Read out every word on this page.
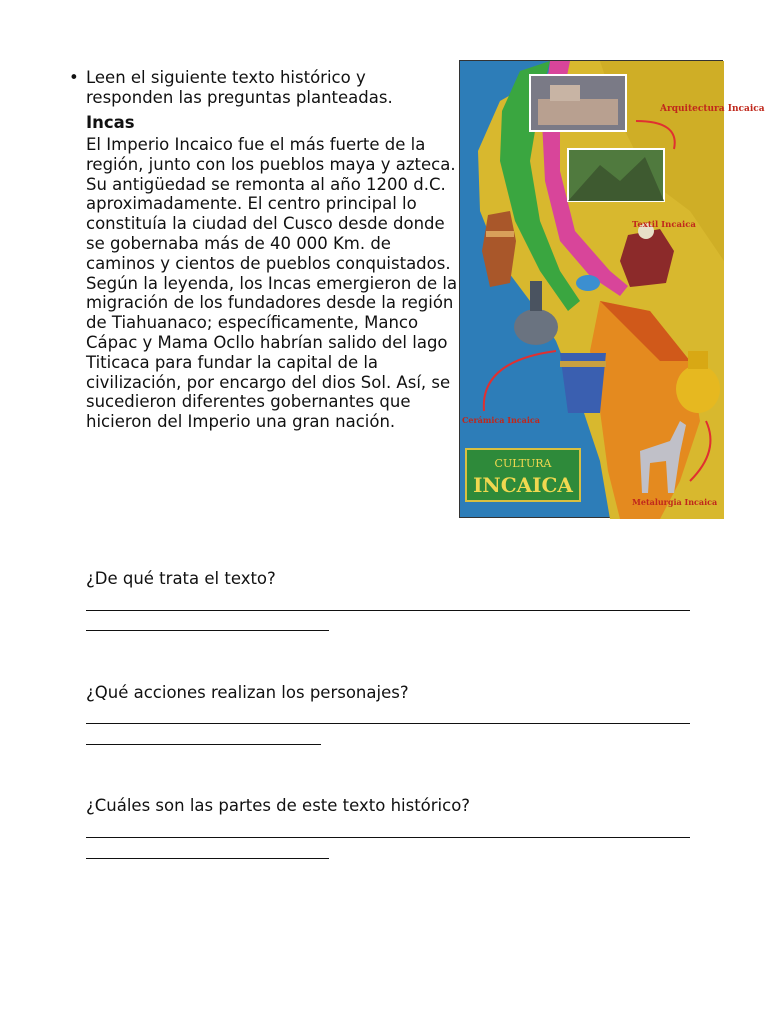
• Leen el siguiente texto histórico y responden las preguntas planteadas.
Incas

El Imperio Incaico fue el más fuerte de la región, junto con los pueblos maya y azteca. Su antigüedad se remonta al año 1200 d.C. aproximadamente. El centro principal lo constituía la ciudad del Cusco desde donde se gobernaba más de 40 000 Km. de caminos y cientos de pueblos conquistados. Según la leyenda, los Incas emergieron de la migración de los fundadores desde la región de Tiahuanaco; específicamente, Manco Cápac y Mama Ocllo habrían salido del lago Titicaca para fundar la capital de la civilización, por encargo del dios Sol. Así, se sucedieron diferentes gobernantes que hicieron del Imperio una gran nación.

Arquitectura Incaica
Textil Incaica
Cerámica Incaica
Metalurgia Incaica
CULTURA
INCAICA
¿De qué trata el texto?
¿Qué acciones realizan los personajes?
¿Cuáles son las partes de este texto histórico?
